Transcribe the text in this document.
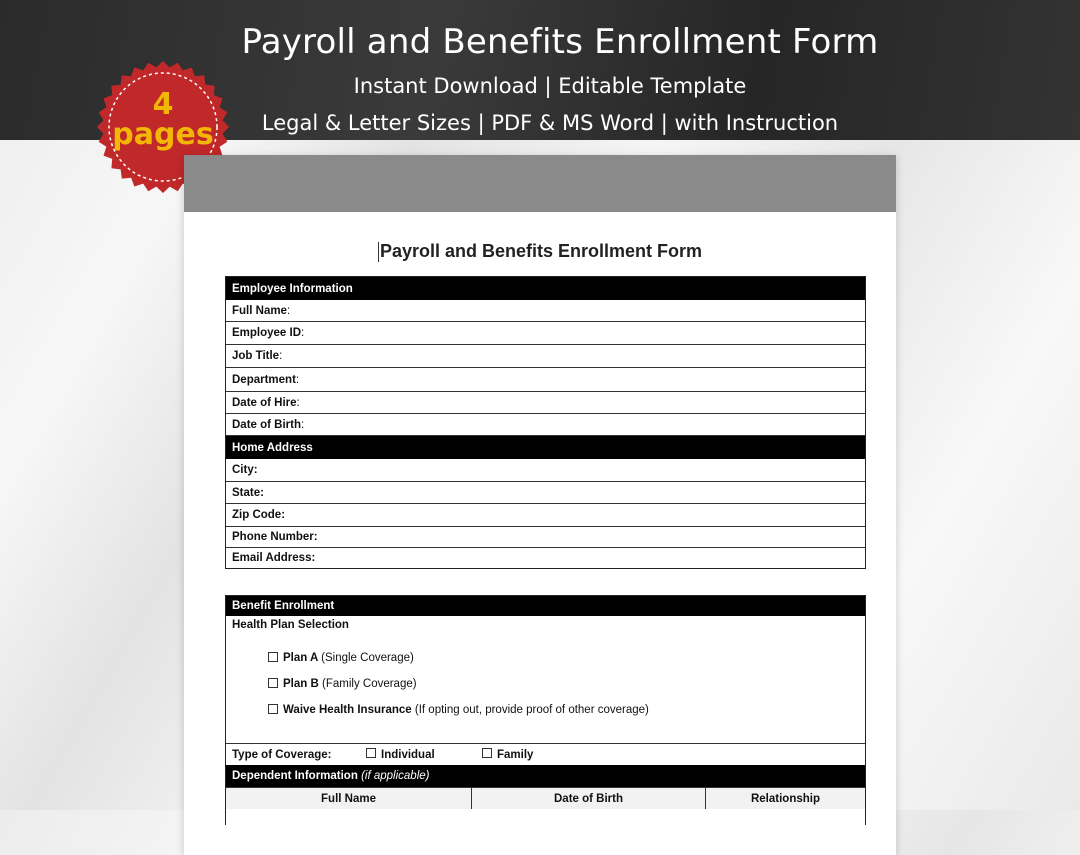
Payroll and Benefits Enrollment Form
Instant Download | Editable Template
Legal & Letter Sizes | PDF & MS Word | with Instruction
4
pages
Payroll and Benefits Enrollment Form
Employee Information
Full Name :
Employee ID :
Job Title :
Department :
Date of Hire :
Date of Birth :
Home Address
City:
State:
Zip Code:
Phone Number:
Email Address:
Benefit Enrollment
Health Plan Selection
Plan A (Single Coverage)
Plan B (Family Coverage)
Waive Health Insurance (If opting out, provide proof of other coverage)
Type of Coverage:	Individual	Family
Dependent Information
(if applicable)
Full Name	Date of Birth	Relationship
